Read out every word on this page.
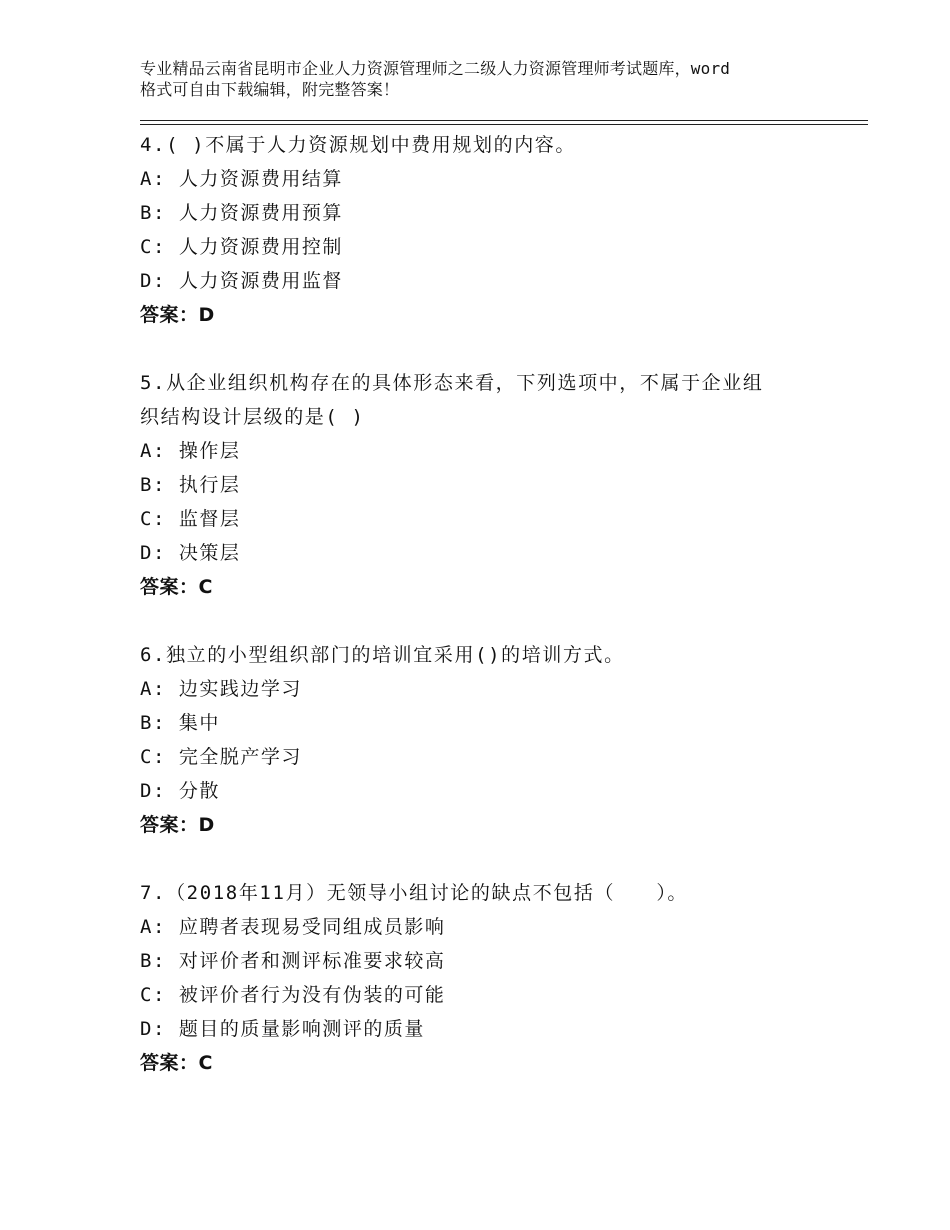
专业精品云南省昆明市企业人力资源管理师之二级人力资源管理师考试题库，word
格式可自由下载编辑，附完整答案！
4.( )不属于人力资源规划中费用规划的内容。
A: 人力资源费用结算
B: 人力资源费用预算
C: 人力资源费用控制
D: 人力资源费用监督
答案：D
5.从企业组织机构存在的具体形态来看，下列选项中，不属于企业组
织结构设计层级的是( )
A: 操作层
B: 执行层
C: 监督层
D: 决策层
答案：C
6.独立的小型组织部门的培训宜采用()的培训方式。
A: 边实践边学习
B: 集中
C: 完全脱产学习
D: 分散
答案：D
7.（2018年11月）无领导小组讨论的缺点不包括（　　）。
A: 应聘者表现易受同组成员影响
B: 对评价者和测评标准要求较高
C: 被评价者行为没有伪装的可能
D: 题目的质量影响测评的质量
答案：C
